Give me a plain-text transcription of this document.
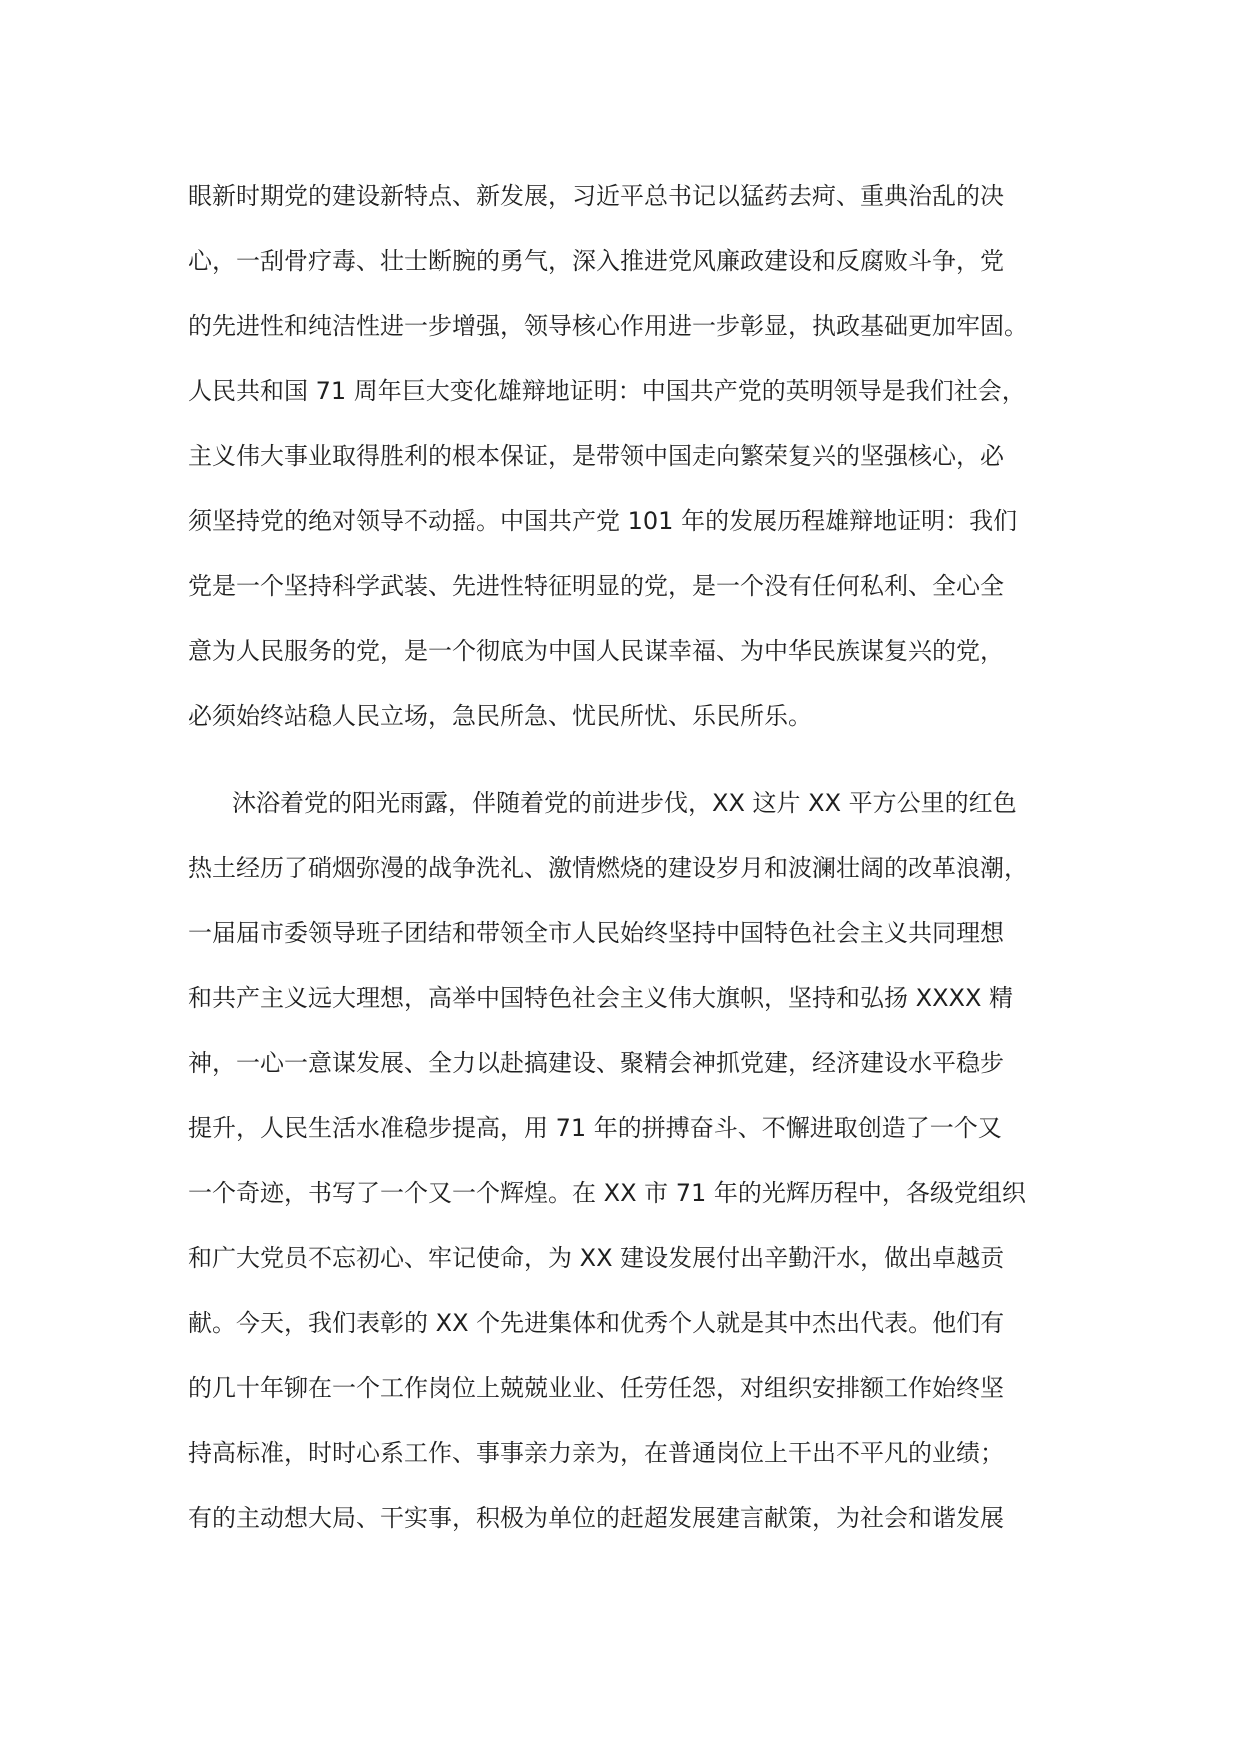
眼新时期党的建设新特点、新发展，习近平总书记以猛药去疴、重典治乱的决
心，一刮骨疗毒、壮士断腕的勇气，深入推进党风廉政建设和反腐败斗争，党
的先进性和纯洁性进一步增强，领导核心作用进一步彰显，执政基础更加牢固。
人民共和国 71 周年巨大变化雄辩地证明：中国共产党的英明领导是我们社会，
主义伟大事业取得胜利的根本保证，是带领中国走向繁荣复兴的坚强核心，必
须坚持党的绝对领导不动摇。中国共产党 101 年的发展历程雄辩地证明：我们
党是一个坚持科学武装、先进性特征明显的党，是一个没有任何私利、全心全
意为人民服务的党，是一个彻底为中国人民谋幸福、为中华民族谋复兴的党，
必须始终站稳人民立场，急民所急、忧民所忧、乐民所乐。
沐浴着党的阳光雨露，伴随着党的前进步伐，XX 这片 XX 平方公里的红色
热土经历了硝烟弥漫的战争洗礼、激情燃烧的建设岁月和波澜壮阔的改革浪潮，
一届届市委领导班子团结和带领全市人民始终坚持中国特色社会主义共同理想
和共产主义远大理想，高举中国特色社会主义伟大旗帜，坚持和弘扬 XXXX 精
神，一心一意谋发展、全力以赴搞建设、聚精会神抓党建，经济建设水平稳步
提升，人民生活水准稳步提高，用 71 年的拼搏奋斗、不懈进取创造了一个又
一个奇迹，书写了一个又一个辉煌。在 XX 市 71 年的光辉历程中，各级党组织
和广大党员不忘初心、牢记使命，为 XX 建设发展付出辛勤汗水，做出卓越贡
献。今天，我们表彰的 XX 个先进集体和优秀个人就是其中杰出代表。他们有
的几十年铆在一个工作岗位上兢兢业业、任劳任怨，对组织安排额工作始终坚
持高标准，时时心系工作、事事亲力亲为，在普通岗位上干出不平凡的业绩；
有的主动想大局、干实事，积极为单位的赶超发展建言献策，为社会和谐发展
